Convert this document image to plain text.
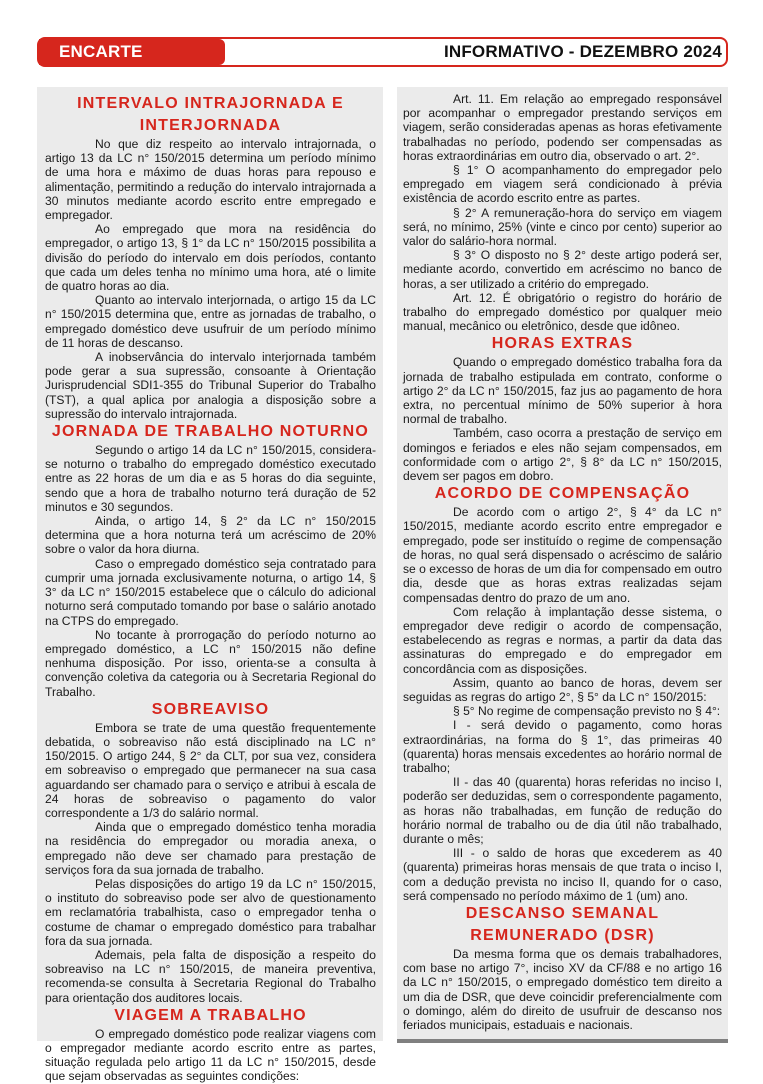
ENCARTE ESPECIAL
INFORMATIVO - DEZEMBRO 2024
INTERVALO INTRAJORNADA E INTERJORNADA

No que diz respeito ao intervalo intrajornada, o artigo 13 da LC n° 150/2015 determina um período mínimo de uma hora e máximo de duas horas para repouso e alimentação, permitindo a redução do intervalo intrajornada a 30 minutos mediante acordo escrito entre empregado e empregador.

Ao empregado que mora na residência do empregador, o artigo 13, § 1° da LC n° 150/2015 possibilita a divisão do período do intervalo em dois períodos, contanto que cada um deles tenha no mínimo uma hora, até o limite de quatro horas ao dia.

Quanto ao intervalo interjornada, o artigo 15 da LC n° 150/2015 determina que, entre as jornadas de trabalho, o empregado doméstico deve usufruir de um período mínimo de 11 horas de descanso.

A inobservância do intervalo interjornada também pode gerar a sua supressão, consoante à Orientação Jurisprudencial SDI1-355 do Tribunal Superior do Trabalho (TST), a qual aplica por analogia a disposição sobre a supressão do intervalo intrajornada.

JORNADA DE TRABALHO NOTURNO

Segundo o artigo 14 da LC n° 150/2015, considera-se noturno o trabalho do empregado doméstico executado entre as 22 horas de um dia e as 5 horas do dia seguinte, sendo que a hora de trabalho noturno terá duração de 52 minutos e 30 segundos.

Ainda, o artigo 14, § 2° da LC n° 150/2015 determina que a hora noturna terá um acréscimo de 20% sobre o valor da hora diurna.

Caso o empregado doméstico seja contratado para cumprir uma jornada exclusivamente noturna, o artigo 14, § 3° da LC n° 150/2015 estabelece que o cálculo do adicional noturno será computado tomando por base o salário anotado na CTPS do empregado.

No tocante à prorrogação do período noturno ao empregado doméstico, a LC n° 150/2015 não define nenhuma disposição. Por isso, orienta-se a consulta à convenção coletiva da categoria ou à Secretaria Regional do Trabalho.

SOBREAVISO

Embora se trate de uma questão frequentemente debatida, o sobreaviso não está disciplinado na LC n° 150/2015. O artigo 244, § 2° da CLT, por sua vez, considera em sobreaviso o empregado que permanecer na sua casa aguardando ser chamado para o serviço e atribui à escala de 24 horas de sobreaviso o pagamento do valor correspondente a 1/3 do salário normal.

Ainda que o empregado doméstico tenha moradia na residência do empregador ou moradia anexa, o empregado não deve ser chamado para prestação de serviços fora da sua jornada de trabalho.

Pelas disposições do artigo 19 da LC n° 150/2015, o instituto do sobreaviso pode ser alvo de questionamento em reclamatória trabalhista, caso o empregador tenha o costume de chamar o empregado doméstico para trabalhar fora da sua jornada.

Ademais, pela falta de disposição a respeito do sobreaviso na LC n° 150/2015, de maneira preventiva, recomenda-se consulta à Secretaria Regional do Trabalho para orientação dos auditores locais.

VIAGEM A TRABALHO

O empregado doméstico pode realizar viagens com o empregador mediante acordo escrito entre as partes, situação regulada pelo artigo 11 da LC n° 150/2015, desde que sejam observadas as seguintes condições:

Art. 11. Em relação ao empregado responsável por acompanhar o empregador prestando serviços em viagem, serão consideradas apenas as horas efetivamente trabalhadas no período, podendo ser compensadas as horas extraordinárias em outro dia, observado o art. 2°.

§ 1° O acompanhamento do empregador pelo empregado em viagem será condicionado à prévia existência de acordo escrito entre as partes.

§ 2° A remuneração-hora do serviço em viagem será, no mínimo, 25% (vinte e cinco por cento) superior ao valor do salário-hora normal.

§ 3° O disposto no § 2° deste artigo poderá ser, mediante acordo, convertido em acréscimo no banco de horas, a ser utilizado a critério do empregado.

Art. 12. É obrigatório o registro do horário de trabalho do empregado doméstico por qualquer meio manual, mecânico ou eletrônico, desde que idôneo.

HORAS EXTRAS

Quando o empregado doméstico trabalha fora da jornada de trabalho estipulada em contrato, conforme o artigo 2° da LC n° 150/2015, faz jus ao pagamento de hora extra, no percentual mínimo de 50% superior à hora normal de trabalho.

Também, caso ocorra a prestação de serviço em domingos e feriados e eles não sejam compensados, em conformidade com o artigo 2°, § 8° da LC n° 150/2015, devem ser pagos em dobro.

ACORDO DE COMPENSAÇÃO

De acordo com o artigo 2°, § 4° da LC n° 150/2015, mediante acordo escrito entre empregador e empregado, pode ser instituído o regime de compensação de horas, no qual será dispensado o acréscimo de salário se o excesso de horas de um dia for compensado em outro dia, desde que as horas extras realizadas sejam compensadas dentro do prazo de um ano.

Com relação à implantação desse sistema, o empregador deve redigir o acordo de compensação, estabelecendo as regras e normas, a partir da data das assinaturas do empregado e do empregador em concordância com as disposições.

Assim, quanto ao banco de horas, devem ser seguidas as regras do artigo 2°, § 5° da LC n° 150/2015:

§ 5° No regime de compensação previsto no § 4°:

I - será devido o pagamento, como horas extraordinárias, na forma do § 1°, das primeiras 40 (quarenta) horas mensais excedentes ao horário normal de trabalho;

II - das 40 (quarenta) horas referidas no inciso I, poderão ser deduzidas, sem o correspondente pagamento, as horas não trabalhadas, em função de redução do horário normal de trabalho ou de dia útil não trabalhado, durante o mês;

III - o saldo de horas que excederem as 40 (quarenta) primeiras horas mensais de que trata o inciso I, com a dedução prevista no inciso II, quando for o caso, será compensado no período máximo de 1 (um) ano.

DESCANSO SEMANAL REMUNERADO (DSR)

Da mesma forma que os demais trabalhadores, com base no artigo 7°, inciso XV da CF/88 e no artigo 16 da LC n° 150/2015, o empregado doméstico tem direito a um dia de DSR, que deve coincidir preferencialmente com o domingo, além do direito de usufruir de descanso nos feriados municipais, estaduais e nacionais.
